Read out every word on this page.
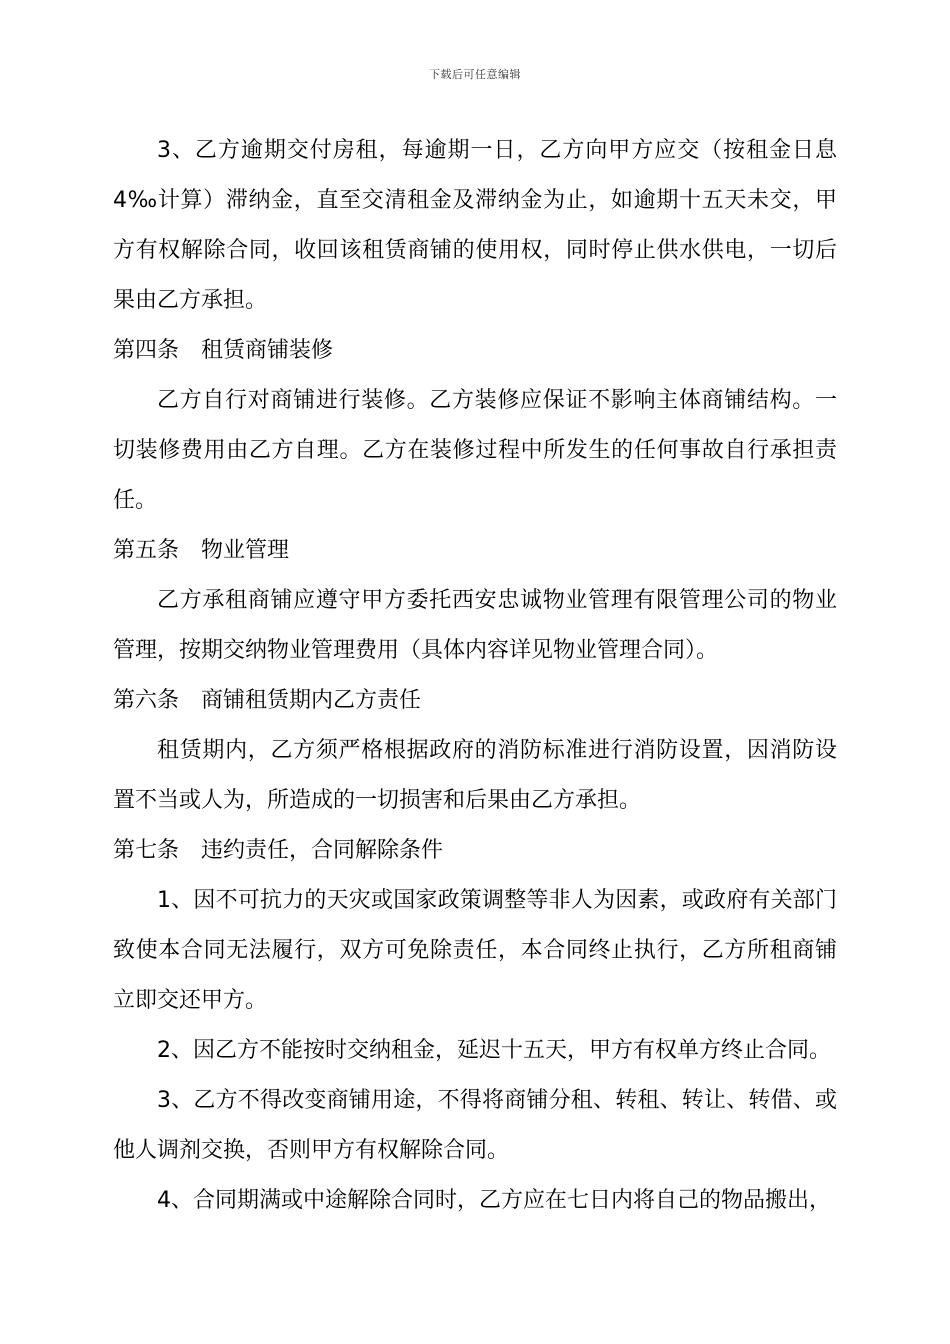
下载后可任意编辑

3、乙方逾期交付房租，每逾期一日，乙方向甲方应交（按租金日息4‰计算）滞纳金，直至交清租金及滞纳金为止，如逾期十五天未交，甲方有权解除合同，收回该租赁商铺的使用权，同时停止供水供电，一切后果由乙方承担。

第四条 租赁商铺装修

乙方自行对商铺进行装修。乙方装修应保证不影响主体商铺结构。一切装修费用由乙方自理。乙方在装修过程中所发生的任何事故自行承担责任。

第五条 物业管理

乙方承租商铺应遵守甲方委托西安忠诚物业管理有限管理公司的物业管理，按期交纳物业管理费用（具体内容详见物业管理合同）。

第六条 商铺租赁期内乙方责任

租赁期内，乙方须严格根据政府的消防标准进行消防设置，因消防设置不当或人为，所造成的一切损害和后果由乙方承担。

第七条 违约责任，合同解除条件

1、因不可抗力的天灾或国家政策调整等非人为因素，或政府有关部门致使本合同无法履行，双方可免除责任，本合同终止执行，乙方所租商铺立即交还甲方。

2、因乙方不能按时交纳租金，延迟十五天，甲方有权单方终止合同。

3、乙方不得改变商铺用途，不得将商铺分租、转租、转让、转借、或他人调剂交换，否则甲方有权解除合同。

4、合同期满或中途解除合同时，乙方应在七日内将自己的物品搬出，
